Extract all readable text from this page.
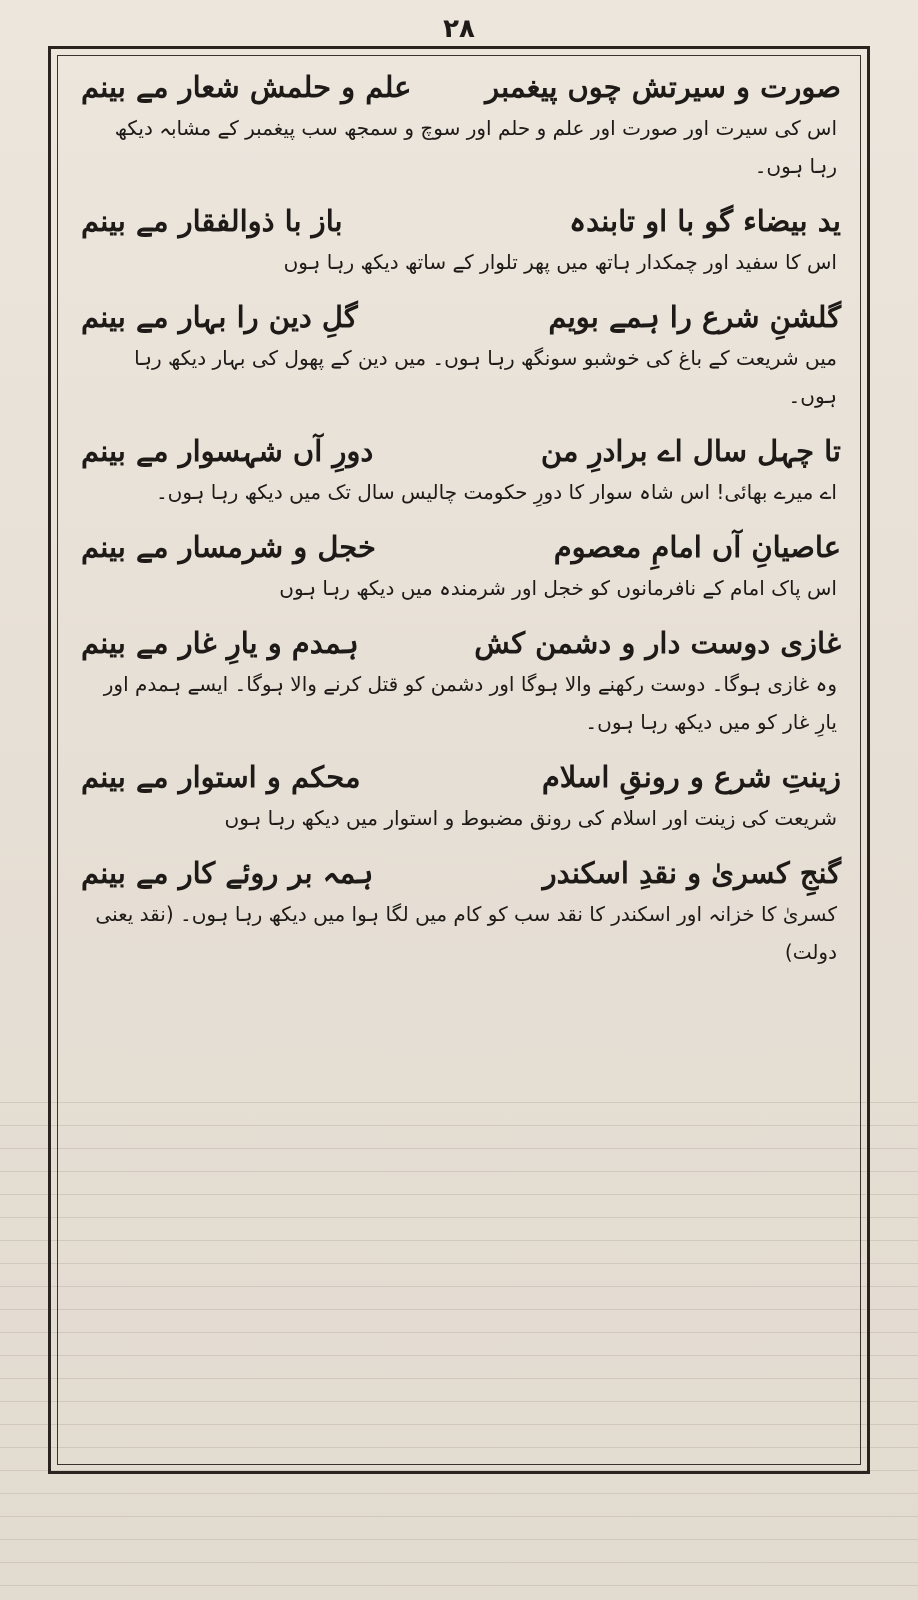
۲۸
صورت و سیرتش چوں پیغمبر
علم و حلمش شعار مے بینم
اس کی سیرت اور صورت اور علم و حلم اور سوچ و سمجھ سب پیغمبر کے مشابہ دیکھ رہا ہوں۔
ید بیضاء گو با او تابندہ
باز با ذوالفقار مے بینم
اس کا سفید اور چمکدار ہاتھ میں پھر تلوار کے ساتھ دیکھ رہا ہوں
گلشنِ شرع را ہمے بویم
گلِ دین را بہار مے بینم
میں شریعت کے باغ کی خوشبو سونگھ رہا ہوں۔ میں دین کے پھول کی بہار دیکھ رہا ہوں۔
تا چہل سال اے برادرِ من
دورِ آں شہسوار مے بینم
اے میرے بھائی! اس شاہ سوار کا دورِ حکومت چالیس سال تک میں دیکھ رہا ہوں۔
عاصیانِ آں امامِ معصوم
خجل و شرمسار مے بینم
اس پاک امام کے نافرمانوں کو خجل اور شرمندہ میں دیکھ رہا ہوں
غازی دوست دار و دشمن کش
ہمدم و یارِ غار مے بینم
وہ غازی ہوگا۔ دوست رکھنے والا ہوگا اور دشمن کو قتل کرنے والا ہوگا۔ ایسے ہمدم اور یارِ غار کو میں دیکھ رہا ہوں۔
زینتِ شرع و رونقِ اسلام
محکم و استوار مے بینم
شریعت کی زینت اور اسلام کی رونق مضبوط و استوار میں دیکھ رہا ہوں
گنجِ کسریٰ و نقدِ اسکندر
ہمہ بر روئے کار مے بینم
کسریٰ کا خزانہ اور اسکندر کا نقد سب کو کام میں لگا ہوا میں دیکھ رہا ہوں۔ (نقد یعنی دولت)
